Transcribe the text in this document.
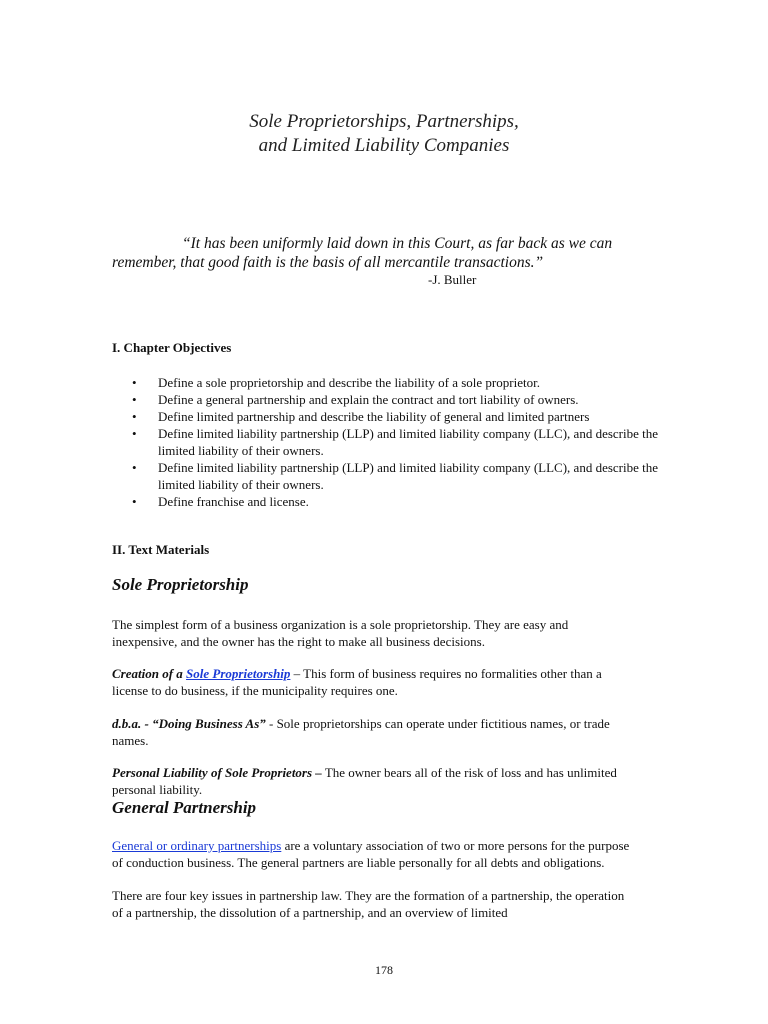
Sole Proprietorships, Partnerships,
and Limited Liability Companies
“It has been uniformly laid down in this Court, as far back as we can
remember, that good faith is the basis of all mercantile transactions.”
-J. Buller
I. Chapter Objectives
• Define a sole proprietorship and describe the liability of a sole proprietor.
• Define a general partnership and explain the contract and tort liability of owners.
• Define limited partnership and describe the liability of general and limited partners
• Define limited liability partnership (LLP) and limited liability company (LLC), and describe the limited liability of their owners.
• Define limited liability partnership (LLP) and limited liability company (LLC), and describe the limited liability of their owners.
• Define franchise and license.
II. Text Materials
Sole Proprietorship
The simplest form of a business organization is a sole proprietorship. They are easy and inexpensive, and the owner has the right to make all business decisions.
Creation of a Sole Proprietorship – This form of business requires no formalities other than a license to do business, if the municipality requires one.
d.b.a. - “Doing Business As” - Sole proprietorships can operate under fictitious names, or trade names.
Personal Liability of Sole Proprietors – The owner bears all of the risk of loss and has unlimited personal liability.
General Partnership
General or ordinary partnerships are a voluntary association of two or more persons for the purpose of conduction business. The general partners are liable personally for all debts and obligations.
There are four key issues in partnership law. They are the formation of a partnership, the operation of a partnership, the dissolution of a partnership, and an overview of limited
178
